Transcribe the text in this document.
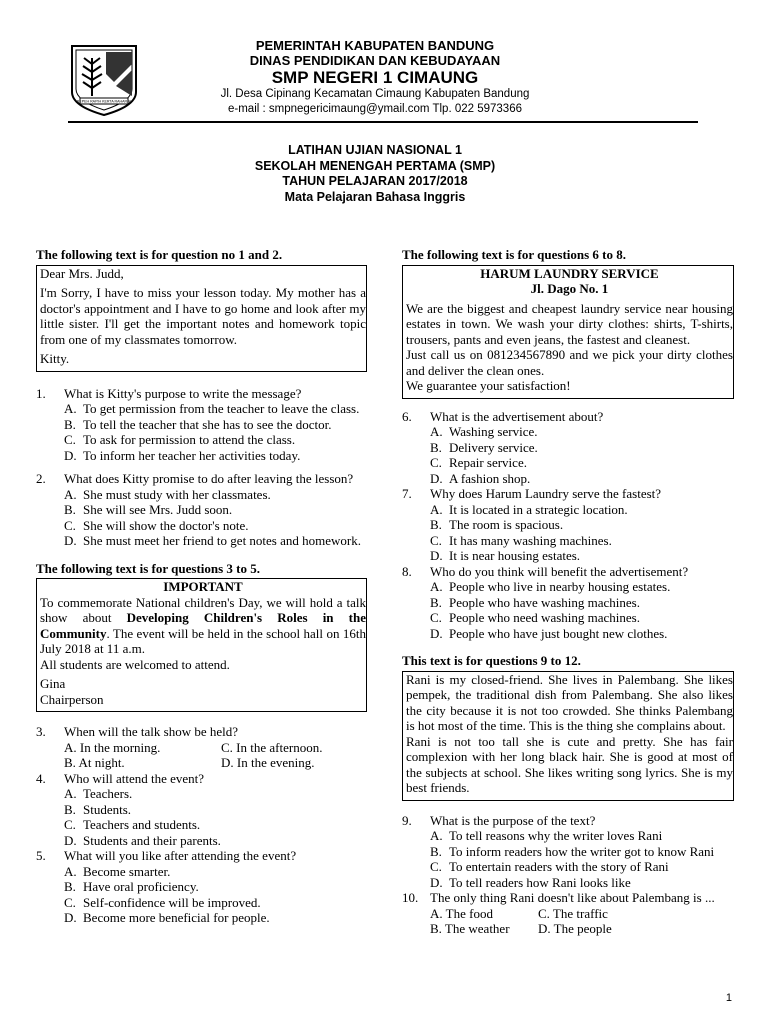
REPEH RAPIH KERTA RAHARJA
PEMERINTAH KABUPATEN BANDUNG
DINAS PENDIDIKAN DAN KEBUDAYAAN
SMP NEGERI 1 CIMAUNG
Jl. Desa Cipinang Kecamatan Cimaung Kabupaten Bandung
e-mail : smpnegericimaung@ymail.com Tlp. 022 5973366
LATIHAN UJIAN NASIONAL 1
SEKOLAH MENENGAH PERTAMA (SMP)
TAHUN PELAJARAN 2017/2018
Mata Pelajaran Bahasa Inggris

The following text is for question no 1 and 2.

Dear Mrs. Judd,

I'm Sorry, I have to miss your lesson today. My mother has a doctor's appointment and I have to go home and look after my little sister. I'll get the important notes and homework topic from one of my classmates tomorrow.

Kitty.

1. What is Kitty's purpose to write the message?
A. To get permission from the teacher to leave the class.
B. To tell the teacher that she has to see the doctor.
C. To ask for permission to attend the class.
D. To inform her teacher her activities today.
2. What does Kitty promise to do after leaving the lesson?
A. She must study with her classmates.
B. She will see Mrs. Judd soon.
C. She will show the doctor's note.
D. She must meet her friend to get notes and homework.

The following text is for questions 3 to 5.

IMPORTANT

To commemorate National children's Day, we will hold a talk show about Developing Children's Roles in the Community. The event will be held in the school hall on 16th July 2018 at 11 a.m.

All students are welcomed to attend.

Gina

Chairperson

3. When will the talk show be held?
A. In the morning.	C. In the afternoon.
B. At night.	D. In the evening.
4. Who will attend the event?
A. Teachers.
B. Students.
C. Teachers and students.
D. Students and their parents.
5. What will you like after attending the event?
A. Become smarter.
B. Have oral proficiency.
C. Self-confidence will be improved.
D. Become more beneficial for people.

The following text is for questions 6 to 8.

HARUM LAUNDRY SERVICE

Jl. Dago No. 1

We are the biggest and cheapest laundry service near housing estates in town. We wash your dirty clothes: shirts, T-shirts, trousers, pants and even jeans, the fastest and cleanest.

Just call us on 081234567890 and we pick your dirty clothes and deliver the clean ones.

We guarantee your satisfaction!

6. What is the advertisement about?
A. Washing service.
B. Delivery service.
C. Repair service.
D. A fashion shop.
7. Why does Harum Laundry serve the fastest?
A. It is located in a strategic location.
B. The room is spacious.
C. It has many washing machines.
D. It is near housing estates.
8. Who do you think will benefit the advertisement?
A. People who live in nearby housing estates.
B. People who have washing machines.
C. People who need washing machines.
D. People who have just bought new clothes.

This text is for questions 9 to 12.

Rani is my closed-friend. She lives in Palembang. She likes pempek, the traditional dish from Palembang. She also likes the city because it is not too crowded. She thinks Palembang is hot most of the time. This is the thing she complains about.

Rani is not too tall she is cute and pretty. She has fair complexion with her long black hair. She is good at most of the subjects at school. She likes writing song lyrics. She is my best friends.

9. What is the purpose of the text?
A. To tell reasons why the writer loves Rani
B. To inform readers how the writer got to know Rani
C. To entertain readers with the story of Rani
D. To tell readers how Rani looks like
10. The only thing Rani doesn't like about Palembang is ...
A. The food	C. The traffic
B. The weather D. The people
1
